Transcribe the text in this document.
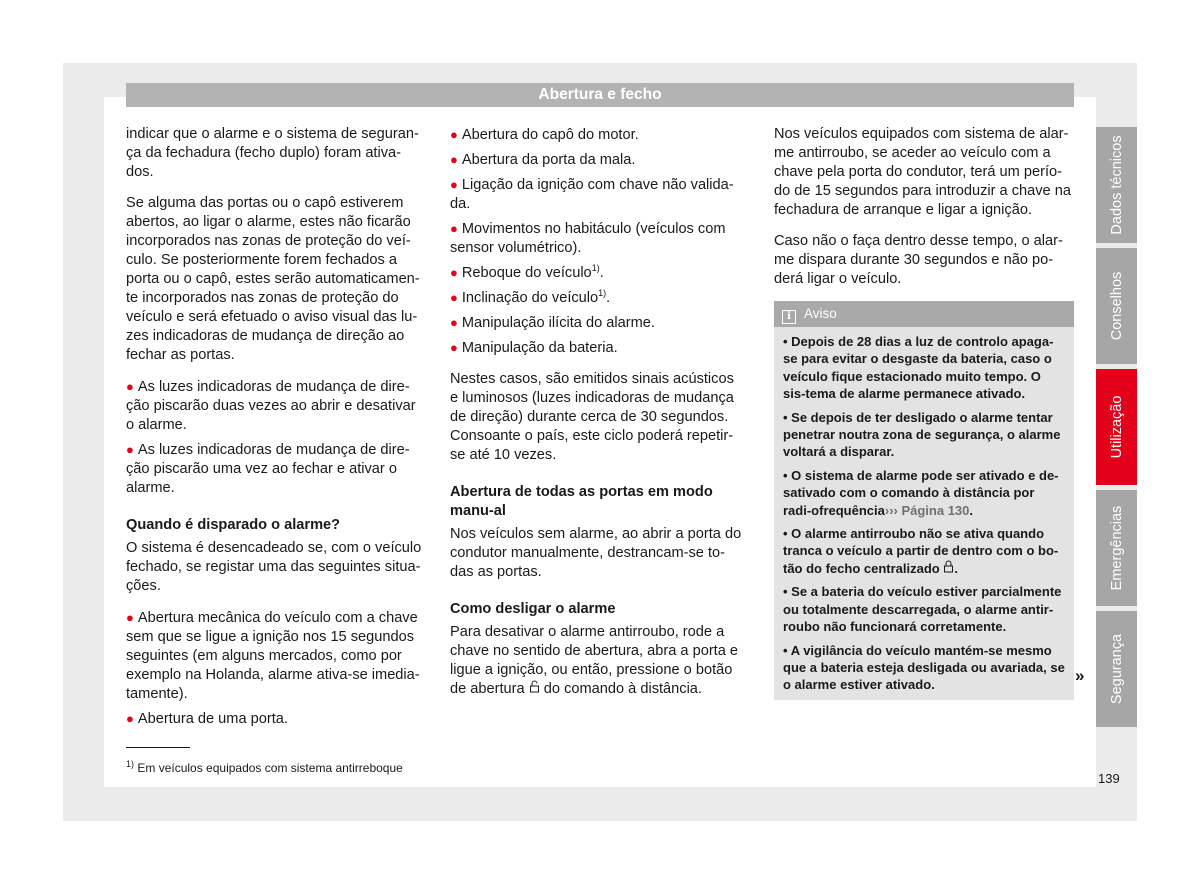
Abertura e fecho

indicar que o alarme e o sistema de seguran-ça da fechadura (fecho duplo) foram ativa-dos.

Se alguma das portas ou o capô estiverem abertos, ao ligar o alarme, estes não ficarão incorporados nas zonas de proteção do veí-culo. Se posteriormente forem fechados a porta ou o capô, estes serão automaticamen-te incorporados nas zonas de proteção do veículo e será efetuado o aviso visual das lu-zes indicadoras de mudança de direção ao fechar as portas.

● As luzes indicadoras de mudança de dire-ção piscarão duas vezes ao abrir e desativar o alarme.

● As luzes indicadoras de mudança de dire-ção piscarão uma vez ao fechar e ativar o alarme.

Quando é disparado o alarme?

O sistema é desencadeado se, com o veículo fechado, se registar uma das seguintes situa-ções.

● Abertura mecânica do veículo com a chave sem que se ligue a ignição nos 15 segundos seguintes (em alguns mercados, como por exemplo na Holanda, alarme ativa-se imedia-tamente).

● Abertura de uma porta.

● Abertura do capô do motor.

● Abertura da porta da mala.

● Ligação da ignição com chave não valida-da.

● Movimentos no habitáculo (veículos com sensor volumétrico).

● Reboque do veículo$^{1)}$.

● Inclinação do veículo$^{1)}$.

● Manipulação ilícita do alarme.

● Manipulação da bateria.

Nestes casos, são emitidos sinais acústicos e luminosos (luzes indicadoras de mudança de direção) durante cerca de 30 segundos. Consoante o país, este ciclo poderá repetir-se até 10 vezes.

Abertura de todas as portas em modo manu-al

Nos veículos sem alarme, ao abrir a porta do condutor manualmente, destrancam-se to-das as portas.

Como desligar o alarme

Para desativar o alarme antirroubo, rode a chave no sentido de abertura, abra a porta e ligue a ignição, ou então, pressione o botão de abertura do comando à distância.

Nos veículos equipados com sistema de alar-me antirroubo, se aceder ao veículo com a chave pela porta do condutor, terá um perío-do de 15 segundos para introduzir a chave na fechadura de arranque e ligar a ignição.

Caso não o faça dentro desse tempo, o alar-me dispara durante 30 segundos e não po-derá ligar o veículo.

i Aviso

• Depois de 28 dias a luz de controlo apaga-se para evitar o desgaste da bateria, caso o veículo fique estacionado muito tempo. O sis-tema de alarme permanece ativado.

• Se depois de ter desligado o alarme tentar penetrar noutra zona de segurança, o alarme voltará a disparar.

• O sistema de alarme pode ser ativado e de-sativado com o comando à distância por radi-ofrequência››› Página 130.

• O alarme antirroubo não se ativa quando tranca o veículo a partir de dentro com o bo-tão do fecho centralizado .

• Se a bateria do veículo estiver parcialmente ou totalmente descarregada, o alarme antir-roubo não funcionará corretamente.

• A vigilância do veículo mantém-se mesmo que a bateria esteja desligada ou avariada, se o alarme estiver ativado.	»
Dados técnicos
Conselhos
Utilização
Emergências
Segurança
$^{1)}$ Em veículos equipados com sistema antirreboque
139
